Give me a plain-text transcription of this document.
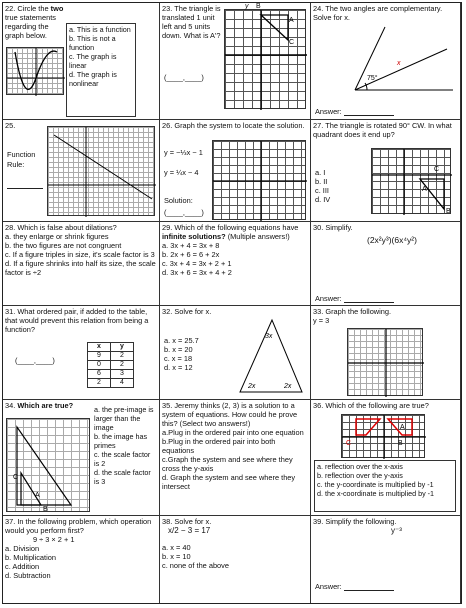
22. Circle the two
true statements regarding the graph below.
a. This is a function
b. This is not a function
c. The graph is linear
d. The graph is nonlinear
23. The triangle is translated 1 unit left and 5 units down. What is A'?
(____,____)
A
C
B
y	24. The two angles are complementary. Solve for x.
75°
x
Answer:
25.
Function
Rule:
26. Graph the system to locate the solution.
y = −⅓x − 1
y = ¼x − 4
Solution:
(____,____)
27. The triangle is rotated 90° CW. In what quadrant does it end up?
a. I
b. II
c. III
d. IV
A
C
B
28. Which is false about dilations?
a. they enlarge or shrink figures
b. the two figures are not congruent
c. If a figure triples in size, it's scale factor is 3
d. If a figure shrinks into half its size, the scale factor is ÷2
29. Which of the following equations have infinite solutions? (Multiple answers!)
a. 3x + 4 = 3x + 8
b. 2x + 6 = 6 + 2x
c. 3x + 4 = 3x + 2 + 1
d. 3x + 6 = 3x + 4 + 2
30. Simplify.
(2x²y³)(6x⁴y²)
Answer:
31. What ordered pair, if added to the table, that would prevent this relation from being a function?
(____,____)
x	y
9	2
0	2
6	3
2	4
32. Solve for x.
a. x = 25.7
b. x = 20
c. x = 18
d. x = 12
3x
2x	2x
33. Graph the following.
y = 3
34. Which are true?
C
A
B
a. the pre-image is larger than the image
b. the image has primes
c. the scale factor is 2
d. the scale factor is 3
35. Jeremy thinks (2, 3) is a solution to a system of equations. How could he prove this? (Select two answers!)
a.Plug in the ordered pair into one equation
b.Plug in the ordered pair into both equations
c.Graph the system and see where they cross the y-axis
d. Graph the system and see where they intersect
36. Which of the following are true?
B
A
C
a. reflection over the x-axis
b. reflection over the y-axis
c. the y-coordinate is multiplied by -1
d. the x-coordinate is multiplied by -1
37. In the following problem, which operation would you perform first?
9 ÷ 3 × 2 + 1
a. Division
b. Multiplication
c. Addition
d. Subtraction
38. Solve for x.
x/2 − 3 = 17
a. x = 40
b. x = 10
c. none of the above
39. Simplify the following.
y⁻³
Answer:
